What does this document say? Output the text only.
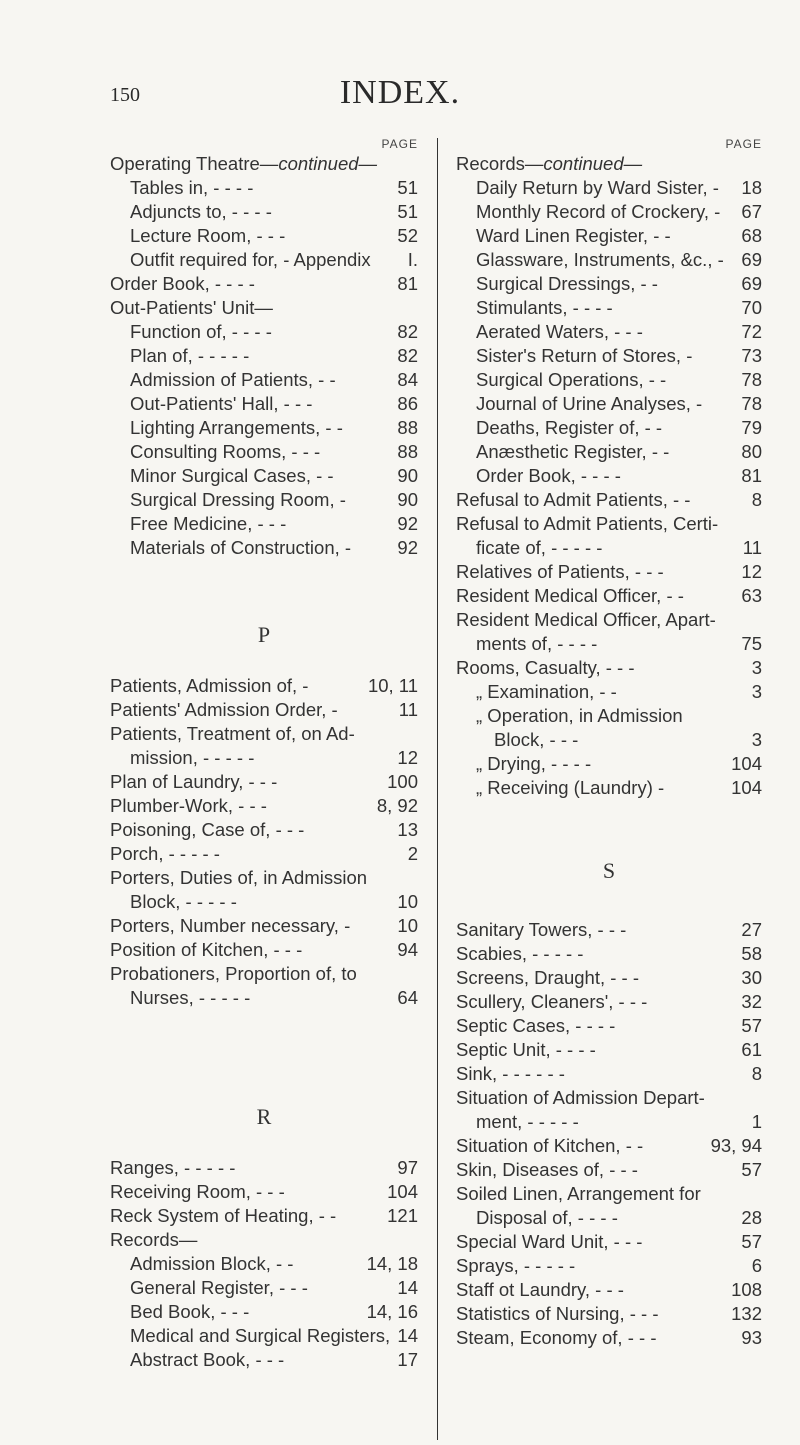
150	INDEX.
PAGE
Operating Theatre—continued—
Tables in, - - - -	51
Adjuncts to, - - - -	51
Lecture Room, - - -	52
Outfit required for, - Appendix I.
Order Book, - - - -	81
Out-Patients' Unit—
Function of, - - - -	82
Plan of, - - - - -	82
Admission of Patients, - -	84
Out-Patients' Hall, - - -	86
Lighting Arrangements, - -	88
Consulting Rooms, - - -	88
Minor Surgical Cases, - -	90
Surgical Dressing Room, -	90
Free Medicine, - - -	92
Materials of Construction, -	92
P
Patients, Admission of, -	10, 11
Patients' Admission Order, -	11
Patients, Treatment of, on Ad-
mission, - - - - -	12
Plan of Laundry, - - -	100
Plumber-Work, - - -	8, 92
Poisoning, Case of, - - -	13
Porch, - - - - -	2
Porters, Duties of, in Admission
Block, - - - - -	10
Porters, Number necessary, -	10
Position of Kitchen, - - -	94
Probationers, Proportion of, to
Nurses, - - - - -	64
R
Ranges, - - - - -	97
Receiving Room, - - -	104
Reck System of Heating, - -	121
Records—
Admission Block, - -	14, 18
General Register, - - -	14
Bed Book, - - -	14, 16
Medical and Surgical Registers, 14
Abstract Book, - - -	17
PAGE
Records—continued—
Daily Return by Ward Sister, - 18
Monthly Record of Crockery, - 67
Ward Linen Register, - -	68
Glassware, Instruments, &c., - 69
Surgical Dressings, - -	69
Stimulants, - - - -	70
Aerated Waters, - - -	72
Sister's Return of Stores, -	73
Surgical Operations, - -	78
Journal of Urine Analyses, - 78
Deaths, Register of, - -	79
Anæsthetic Register, - -	80
Order Book, - - - -	81
Refusal to Admit Patients, - -	8
Refusal to Admit Patients, Certi-
ficate of, - - - - -	11
Relatives of Patients, - - -	12
Resident Medical Officer, - -	63
Resident Medical Officer, Apart-
ments of, - - - -	75
Rooms, Casualty, - - -	3
„ Examination, - -	3
„ Operation, in Admission
Block, - - -	3
„ Drying, - - - -	104
„ Receiving (Laundry) -	104
S
Sanitary Towers, - - -	27
Scabies, - - - - -	58
Screens, Draught, - - -	30
Scullery, Cleaners', - - -	32
Septic Cases, - - - -	57
Septic Unit, - - - -	61
Sink, - - - - - -	8
Situation of Admission Depart-
ment, - - - - -	1
Situation of Kitchen, - -	93, 94
Skin, Diseases of, - - -	57
Soiled Linen, Arrangement for
Disposal of, - - - -	28
Special Ward Unit, - - -	57
Sprays, - - - - -	6
Staff ot Laundry, - - -	108
Statistics of Nursing, - - -	132
Steam, Economy of, - - -	93
